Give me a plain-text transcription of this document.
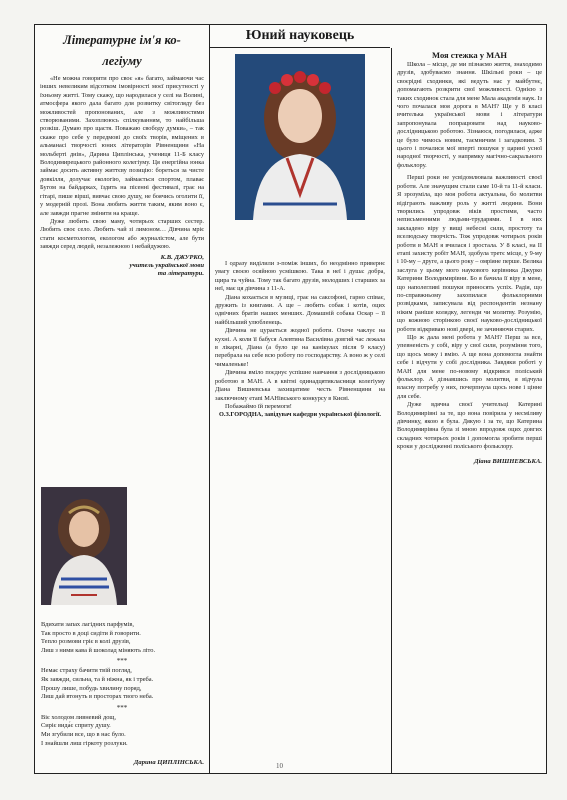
Літературне ім'я ко-

легіуму

«Не можна говорити про своє «я» багато, займаючи час інших невеликим відсотком імовірності моєї присутності у їхньому житті. Тому скажу, що народилася у селі на Волині, атмосфера якого дала багато для розвитку світогляду без можливостей пропонованих, але з можливостями створюваними. Захоплююсь спілкуванням, то найбільша розкіш. Думаю про щастя. Поважаю свободу думки», – так скаже про себе у передмові до своїх творів, вміщених в альманасі творчості юних літераторів Рівненщини «На мольберті днів», Дарина Циплінська, учениця 11-Б класу Володимирецького районного колегіуму. Ця енергійна юнка займає досить активну життєву позицію: бореться за чисте довкілля, долучає екологію, займається спортом, плаває Бугом на байдарках, їздить на пісенні фестивалі, грає на гітарі, пише вірші, вивчає свою душу, не боячись оголити її, у модерній прозі. Вона любить життя таким, яким воно є, але завжди прагне змінити на краще.

Дуже любить свою маму, чотирьох старших сестер. Любить своє село. Любить чай зі лимоном… Дівчина мріє стати косметологом, екологом або журналістом, але бути завжди серед людей, незалежною і небайдужою.

К.В. ДЖУРКО,

учитель української мови

та літератури.

Вдихати запах лагідних парфумів,
Так просто в доці сидіти й говорити.
Тепло розмови гріє в колі друзів,
Лиш з ними кава й шоколад міняють літо.
***
Немає страху бачити твій погляд,
Як завжди, сильна, та й ніжна, як і треба.
Прошу лише, побудь хвилину поряд,
Лиш дай втонуть в просторах твого неба.
***
Віє холодом ливневий дощ,
Сиріє вида́є сприту душу.
Ми згубили все, що в нас було.
І знайшли лиш гіркоту розлуки.

Дарина ЦИПЛІНСЬКА.

Юний науковець

І одразу виділили з-поміж інших, бо неодмінно привернє увагу своєю осяйною усмішкою. Така в неї і душа: добра, щира та чуйна. Тому так багато друзів, молодших і старших за неї, має ця дівчина з 11-А.

Діана кохається в музиці, грає на саксофоні, гарно співає, дружить із книгами. А ще – любить собак і котів, оцих одвічних братів наших менших. Домашній собака Оскар – її найбільший улюбленець.

Дівчина не цурається жодної роботи. Охоче чаклує на кухні. А коли її бабуся Алевтина Василівна довгий час лежала в лікарні, Діана (а було це на канікулах після 9 класу) перебрала на себе всю роботу по господарству. А воно ж у селі чималеньке!

Дівчина вміло поєднує успішне навчання з дослідницькою роботою в МАН. А в квітні одинадцятикласниця колегіуму Діана Вишневська захищатиме честь Рівненщини на заключному етапі МАНівського конкурсу в Києві.

Побажаймо їй перемоги!

О.З.ГОРОДНА, завідувач кафедри української філології.

Моя стежка у МАН

Школа – місце, де ми пізнаємо життя, знаходимо друзів, здобуваємо знання. Шкільні роки – це своєрідні сходинки, які ведуть нас у майбутнє, допомагають розкрити свої можливості. Однією з таких сходинок стала для мене Мала академія наук. Із чого почалася моя дорога в МАН? Ще у 8 класі вчителька української мови і літератури запропонувала попрацювати над науково-дослідницькою роботою. Зізнаюся, погодилася, адже це було чимось новим, таємничим і загадковим. З цього і почалися мої вперті пошуки у царині усної народної творчості, у напрямку магічно-сакрального фольклору.

Перші роки не усвідомлювала важливості своєї роботи. Але значущим стали саме 10-й та 11-й класи. Я зрозуміла, що моя робота актуальна, бо молитви відіграють важливу роль у житті людини. Вони творились упродовж віків простими, часто неписьменними людьми-трударями. І в них закладено віру у вищі небесні сили, простоту та вселюдську творчість. Тож упродовж чотирьох років роботи в МАН я вчилася і зростала. У 8 класі, на II етапі захисту робіт МАН, здобула третє місце, у 9-му і 10-му – друге, а цього року – омріяне перше. Велика заслуга у цьому мого наукового керівника Джурко Катерини Володимирівни. Бо я бачила її віру в мене, що наполегливі пошуки приносять успіх. Радія, що по-справжньому захопилася фольклорними розвідками, записувала від респондентів незнану ніким раніше колядку, легенди чи молитву. Розумію, що кожною сторінкою своєї науково-дослідницької роботи відкриваю нові двері, не зачиняючи старих.

Що ж дала мені робота у МАН? Перш за все, упевненість у собі, віру у свої сили, розуміння того, що щось можу і вмію. А ще вона допомогла знайти себе і відчути у собі дослідника. Завдяки роботі у МАН для мене по-новому відкрився поліський фольклор. А дізнавшись про молитви, я відчула власну потребу у них, почерпнула щось нове і цінне для себе.

Дуже вдячна своєї учительці Катерині Володимирівні за те, що вона повірила у несміливу дівчинку, якою я була. Дякую і за те, що Катерина Володимирівна була зі мною впродовж оцих довгих складних чотирьох років і допомогла зробити перші кроки у дослідженні поліського фольклору.

Діана ВИШНЕВСЬКА.

10
